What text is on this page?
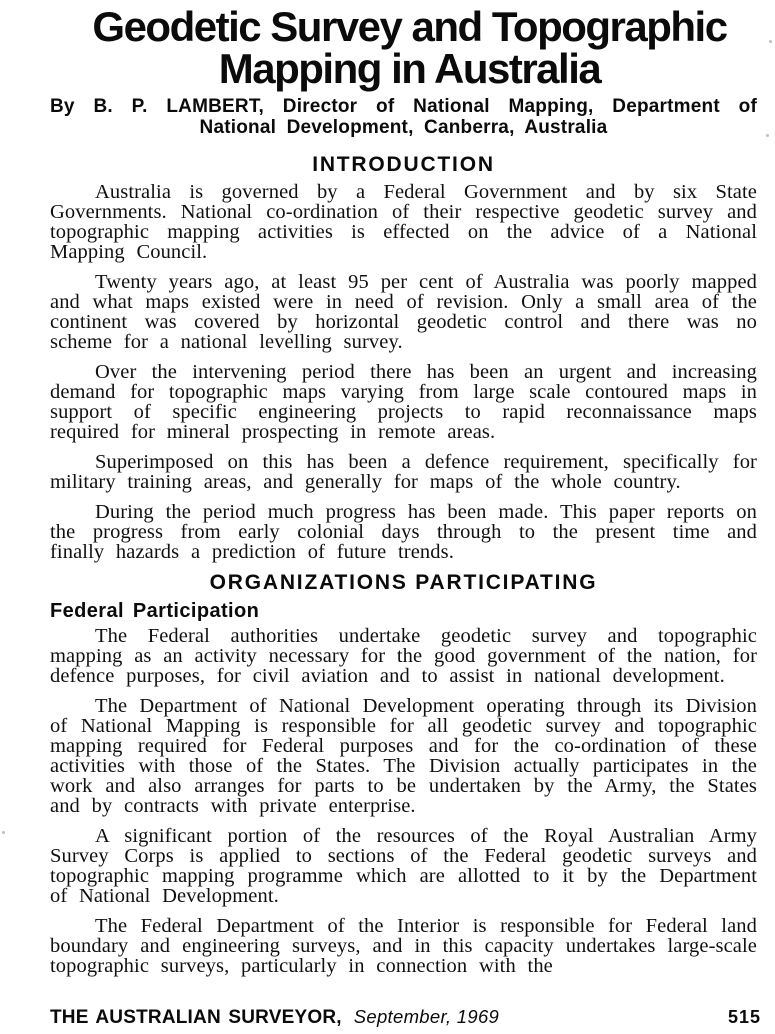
Geodetic Survey and Topographic
Mapping in Australia

By B. P. LAMBERT, Director of National Mapping, Department of National Development, Canberra, Australia

INTRODUCTION

Australia is governed by a Federal Government and by six State Governments. National co-ordination of their respective geodetic survey and topographic mapping activities is effected on the advice of a National Mapping Council.

Twenty years ago, at least 95 per cent of Australia was poorly mapped and what maps existed were in need of revision. Only a small area of the continent was covered by horizontal geodetic control and there was no scheme for a national levelling survey.

Over the intervening period there has been an urgent and increasing demand for topographic maps varying from large scale contoured maps in support of specific engineering projects to rapid reconnaissance maps required for mineral prospecting in remote areas.

Superimposed on this has been a defence requirement, specifically for military training areas, and generally for maps of the whole country.

During the period much progress has been made. This paper reports on the progress from early colonial days through to the present time and finally hazards a prediction of future trends.

ORGANIZATIONS PARTICIPATING
Federal Participation

The Federal authorities undertake geodetic survey and topographic mapping as an activity necessary for the good government of the nation, for defence purposes, for civil aviation and to assist in national development.

The Department of National Development operating through its Division of National Mapping is responsible for all geodetic survey and topographic mapping required for Federal purposes and for the co-ordination of these activities with those of the States. The Division actually participates in the work and also arranges for parts to be undertaken by the Army, the States and by contracts with private enterprise.

A significant portion of the resources of the Royal Australian Army Survey Corps is applied to sections of the Federal geodetic surveys and topographic mapping programme which are allotted to it by the Department of National Development.

The Federal Department of the Interior is responsible for Federal land boundary and engineering surveys, and in this capacity undertakes large-scale topographic surveys, particularly in connection with the

THE AUSTRALIAN SURVEYOR, September, 1969	515
